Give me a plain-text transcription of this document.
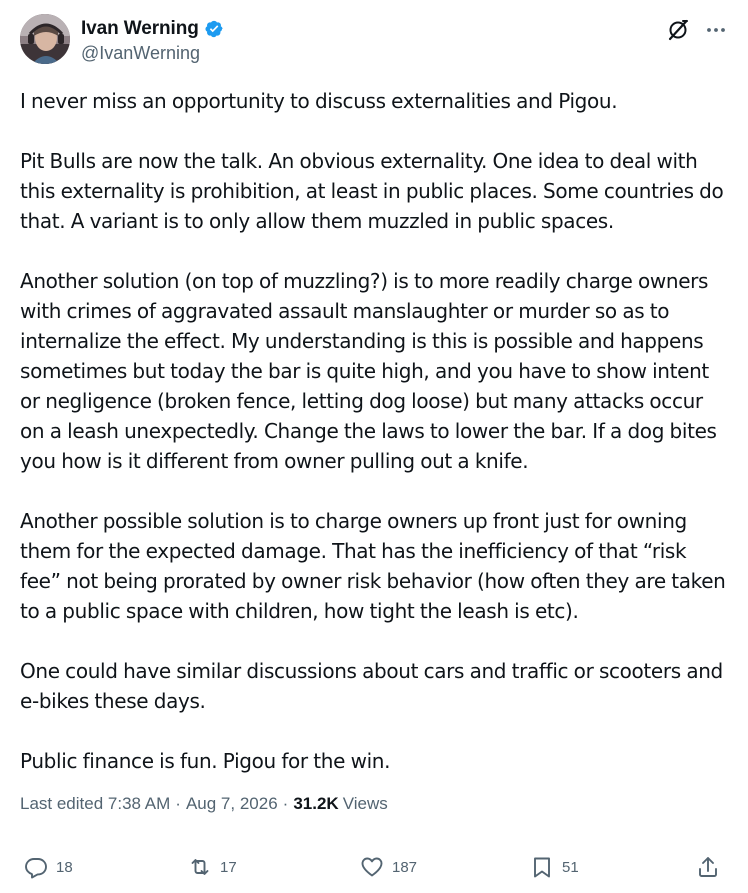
Ivan Werning
@IvanWerning

I never miss an opportunity to discuss externalities and Pigou.

Pit Bulls are now the talk. An obvious externality. One idea to deal with this externality is prohibition, at least in public places. Some countries do that. A variant is to only allow them muzzled in public spaces.

Another solution (on top of muzzling?) is to more readily charge owners with crimes of aggravated assault manslaughter or murder so as to internalize the effect. My understanding is this is possible and happens sometimes but today the bar is quite high, and you have to show intent or negligence (broken fence, letting dog loose) but many attacks occur on a leash unexpectedly. Change the laws to lower the bar. If a dog bites you how is it different from owner pulling out a knife.

Another possible solution is to charge owners up front just for owning them for the expected damage. That has the inefficiency of that “risk fee” not being prorated by owner risk behavior (how often they are taken to a public space with children, how tight the leash is etc).

One could have similar discussions about cars and traffic or scooters and e-bikes these days.

Public finance is fun. Pigou for the win.

Last edited 7:38 AM · Aug 7, 2026 · 31.2K Views
18	17	187	51
